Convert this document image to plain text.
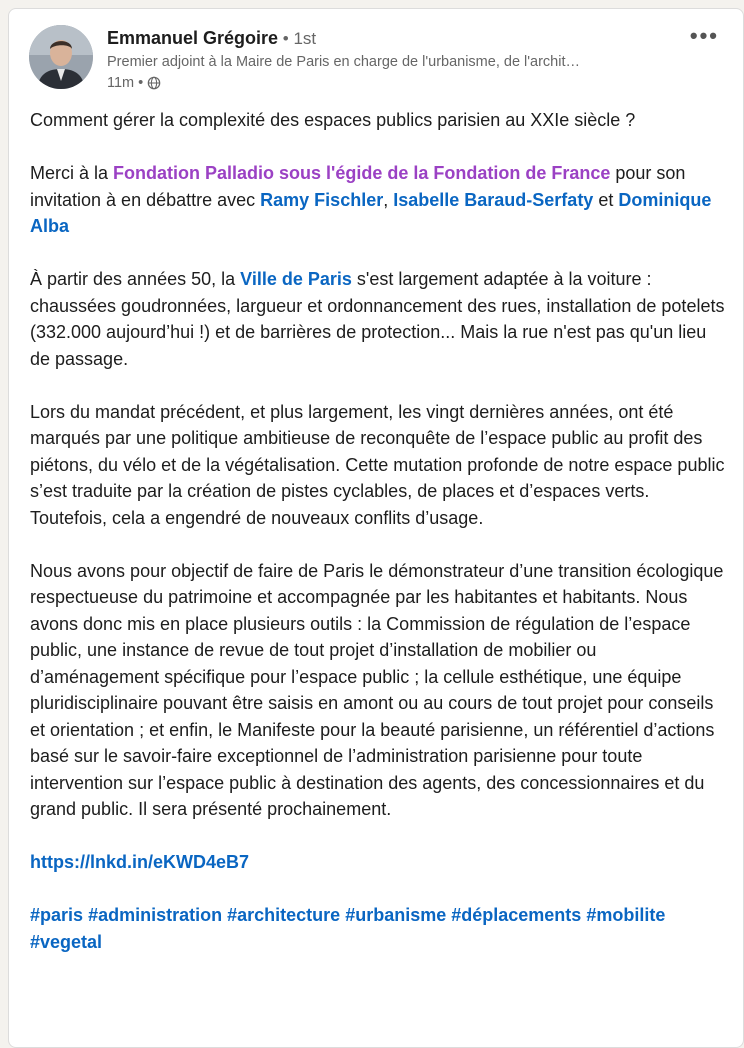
Emmanuel Grégoire • 1st
Premier adjoint à la Maire de Paris en charge de l'urbanisme, de l'archit…
11m •
•••

Comment gérer la complexité des espaces publics parisien au XXIe siècle ?

Merci à la Fondation Palladio sous l'égide de la Fondation de France pour son invitation à en débattre avec Ramy Fischler, Isabelle Baraud-Serfaty et Dominique Alba

À partir des années 50, la Ville de Paris s'est largement adaptée à la voiture : chaussées goudronnées, largueur et ordonnancement des rues, installation de potelets (332.000 aujourd’hui !) et de barrières de protection... Mais la rue n'est pas qu'un lieu de passage.

Lors du mandat précédent, et plus largement, les vingt dernières années, ont été marqués par une politique ambitieuse de reconquête de l’espace public au profit des piétons, du vélo et de la végétalisation. Cette mutation profonde de notre espace public s’est traduite par la création de pistes cyclables, de places et d’espaces verts. Toutefois, cela a engendré de nouveaux conflits d’usage.

Nous avons pour objectif de faire de Paris le démonstrateur d’une transition écologique respectueuse du patrimoine et accompagnée par les habitantes et habitants. Nous avons donc mis en place plusieurs outils : la Commission de régulation de l’espace public, une instance de revue de tout projet d’installation de mobilier ou d’aménagement spécifique pour l’espace public ; la cellule esthétique, une équipe pluridisciplinaire pouvant être saisis en amont ou au cours de tout projet pour conseils et orientation ; et enfin, le Manifeste pour la beauté parisienne, un référentiel d’actions basé sur le savoir-faire exceptionnel de l’administration parisienne pour toute intervention sur l’espace public à destination des agents, des concessionnaires et du grand public. Il sera présenté prochainement.

https://lnkd.in/eKWD4eB7

#paris #administration #architecture #urbanisme #déplacements #mobilite #vegetal
